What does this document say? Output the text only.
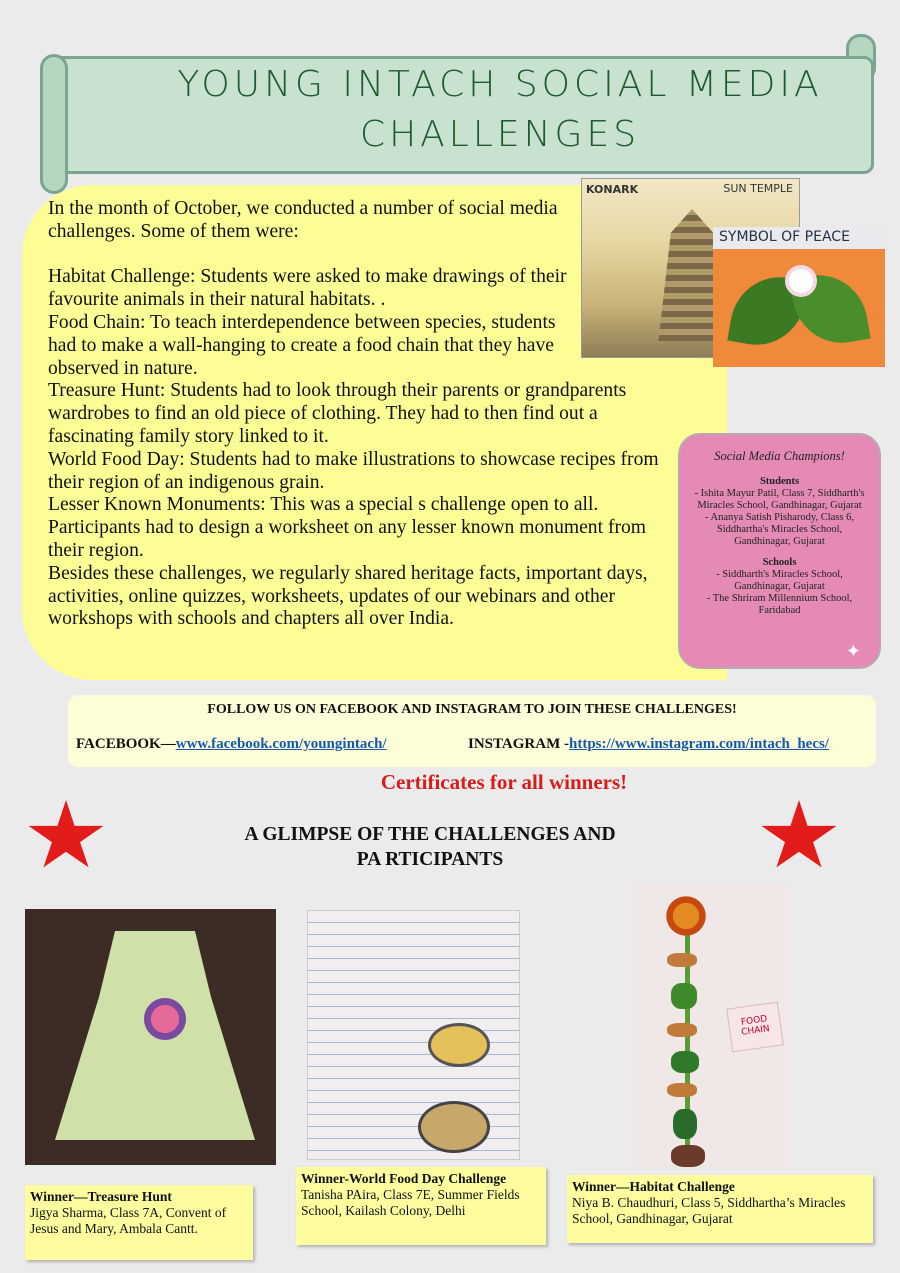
YOUNG INTACH SOCIAL MEDIA
CHALLENGES

In the month of October, we conducted a number of social media challenges. Some of them were:

Habitat Challenge: Students were asked to make drawings of their favourite animals in their natural habitats. .

Food Chain: To teach interdependence between species, students had to make a wall-hanging to create a food chain that they have observed in nature.

Treasure Hunt: Students had to look through their parents or grandparents wardrobes to find an old piece of clothing. They had to then find out a fascinating family story linked to it.

World Food Day: Students had to make illustrations to showcase recipes from their region of an indigenous grain.

Lesser Known Monuments: This was a special s challenge open to all. Participants had to design a worksheet on any lesser known monument from their region.

Besides these challenges, we regularly shared heritage facts, important days, activities, online quizzes, worksheets, updates of our webinars and other workshops with schools and chapters all over India.

KONARK	SUN TEMPLE
SYMBOL OF PEACE
Social Media Champions!
Students
- Ishita Mayur Patil, Class 7, Siddharth's Miracles School, Gandhinagar, Gujarat
- Ananya Satish Pisharody, Class 6, Siddhartha's Miracles School, Gandhinagar, Gujarat
Schools
- Siddharth's Miracles School, Gandhinagar, Gujarat
- The Shriram Millennium School, Faridabad
✦
FOLLOW US ON FACEBOOK AND INSTAGRAM TO JOIN THESE CHALLENGES!
FACEBOOK—www.facebook.com/youngintach/	INSTAGRAM -https://www.instagram.com/intach_hecs/
Certificates for all winners!
A GLIMPSE OF THE CHALLENGES AND
PA RTICIPANTS
FOOD CHAIN
Winner—Treasure Hunt
Jigya Sharma, Class 7A, Convent of Jesus and Mary, Ambala Cantt.
Winner-World Food Day Challenge
Tanisha PAira, Class 7E, Summer Fields School, Kailash Colony, Delhi
Winner—Habitat Challenge
Niya B. Chaudhuri, Class 5, Siddhartha’s Miracles School, Gandhinagar, Gujarat
